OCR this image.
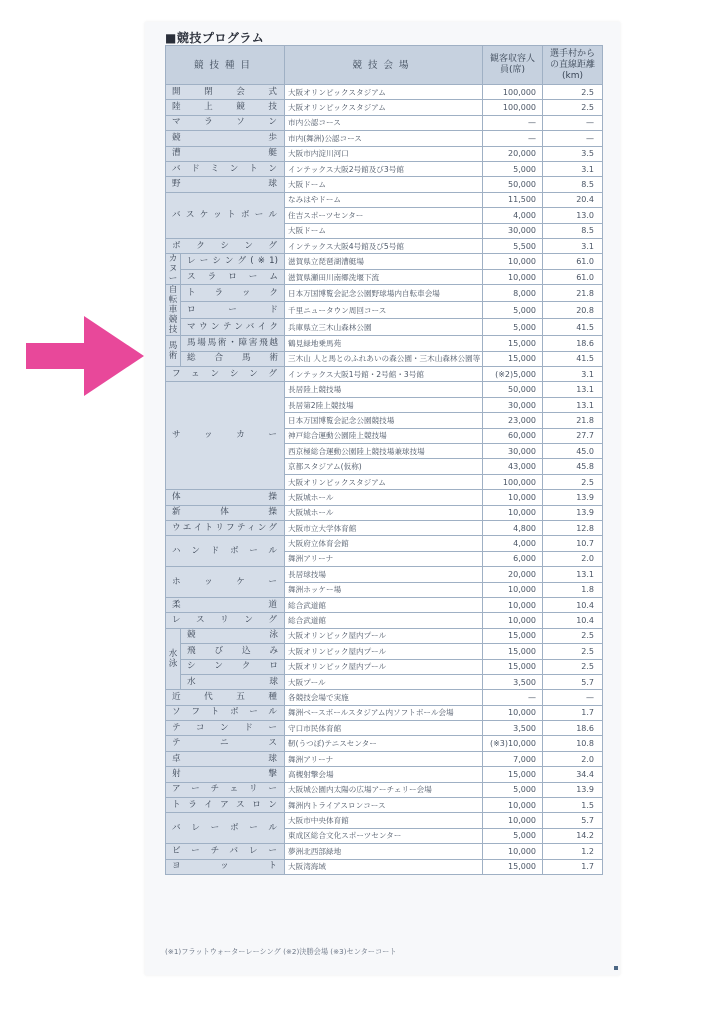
■競技プログラム
競技種目		競技会場	観客収容人員(席)	選手村からの直線距離(km)
開閉会式		大阪オリンピックスタジアム	100,000	2.5
陸上競技		大阪オリンピックスタジアム	100,000	2.5
マラソン		市内公認コース	—	—
競歩		市内(舞洲)公認コース	—	—
漕艇		大阪市内淀川河口	20,000	3.5
バドミントン		インテックス大阪2号館及び3号館	5,000	3.1
野球		大阪ドーム	50,000	8.5
バスケットボール		なみはやドーム	11,500	20.4
		住吉スポーツセンター	4,000	13.0
		大阪ドーム	30,000	8.5
ボクシング		インテックス大阪4号館及び5号館	5,500	3.1
カヌー	レーシング(※1)	滋賀県立琵琶湖漕艇場	10,000	61.0
	スラローム	滋賀県瀬田川南郷洗堰下流	10,000	61.0
自転車競技	トラック	日本万国博覧会記念公園野球場内自転車会場	8,000	21.8
	ロード	千里ニュータウン周回コース	5,000	20.8
	マウンテンバイク	兵庫県立三木山森林公園	5,000	41.5
馬術	馬場馬術・障害飛越	鶴見緑地乗馬苑	15,000	18.6
	総合馬術	三木山 人と馬とのふれあいの森公園・三木山森林公園等	15,000	41.5
フェンシング		インテックス大阪1号館・2号館・3号館	(※2)5,000	3.1
サッカー		長居陸上競技場	50,000	13.1
		長居第2陸上競技場	30,000	13.1
		日本万国博覧会記念公園競技場	23,000	21.8
		神戸総合運動公園陸上競技場	60,000	27.7
		西京極総合運動公園陸上競技場兼球技場	30,000	45.0
		京都スタジアム(仮称)	43,000	45.8
		大阪オリンピックスタジアム	100,000	2.5
体操		大阪城ホール	10,000	13.9
新体操		大阪城ホール	10,000	13.9
ウエイトリフティング		大阪市立大学体育館	4,800	12.8
ハンドボール		大阪府立体育会館	4,000	10.7
		舞洲アリーナ	6,000	2.0
ホッケー		長居球技場	20,000	13.1
		舞洲ホッケー場	10,000	1.8
柔道		総合武道館	10,000	10.4
レスリング		総合武道館	10,000	10.4
水泳	競泳	大阪オリンピック屋内プール	15,000	2.5
	飛び込み	大阪オリンピック屋内プール	15,000	2.5
	シンクロ	大阪オリンピック屋内プール	15,000	2.5
	水球	大阪プール	3,500	5.7
近代五種		各競技会場で実施	—	—
ソフトボール		舞洲ベースボールスタジアム内ソフトボール会場	10,000	1.7
テコンドー		守口市民体育館	3,500	18.6
テニス		靭(うつぼ)テニスセンター	(※3)10,000	10.8
卓球		舞洲アリーナ	7,000	2.0
射撃		高槻射撃会場	15,000	34.4
アーチェリー		大阪城公園内太陽の広場アーチェリー会場	5,000	13.9
トライアスロン		舞洲内トライアスロンコース	10,000	1.5
バレーボール		大阪市中央体育館	10,000	5.7
		東成区総合文化スポーツセンター	5,000	14.2
ビーチバレー		夢洲北西部緑地	10,000	1.2
ヨット		大阪湾海域	15,000	1.7
(※1)フラットウォーターレーシング (※2)決勝会場 (※3)センターコート
